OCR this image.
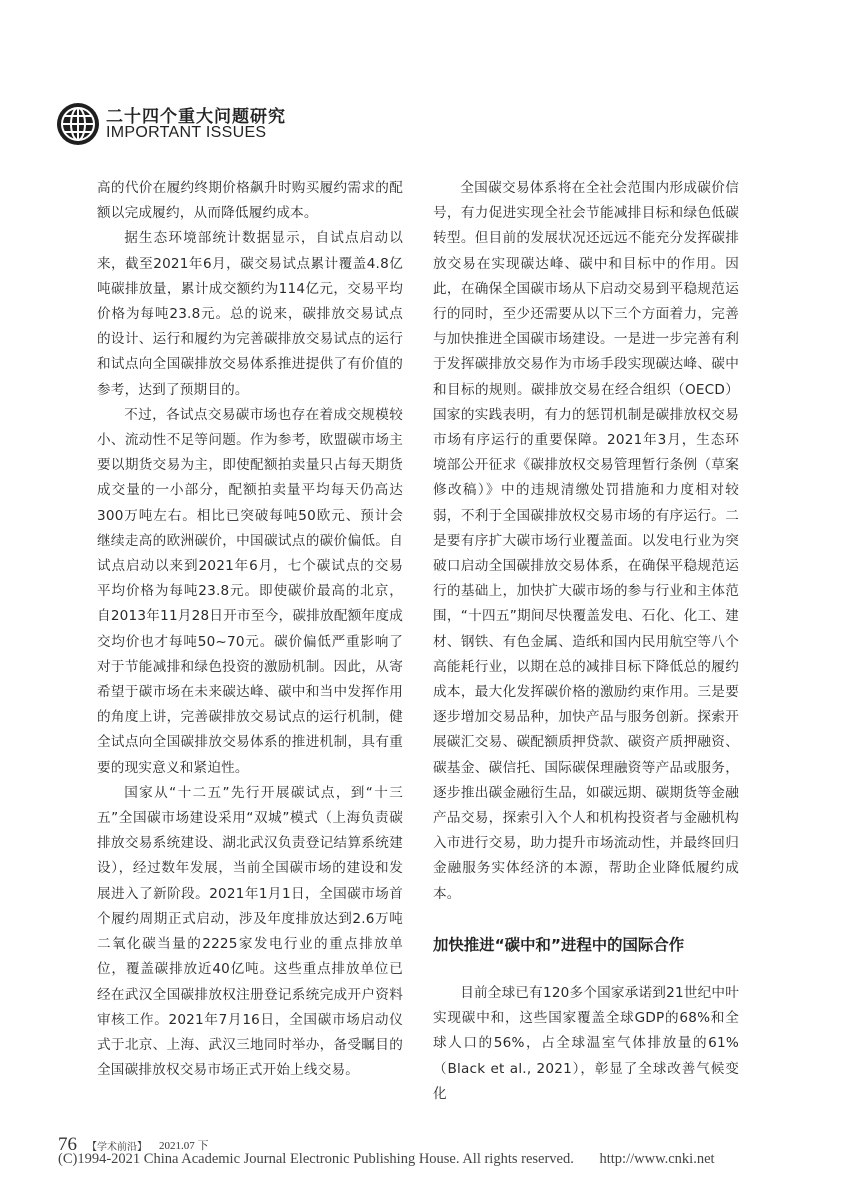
二十四个重大问题研究
IMPORTANT ISSUES

高的代价在履约终期价格飙升时购买履约需求的配额以完成履约，从而降低履约成本。

据生态环境部统计数据显示，自试点启动以来，截至2021年6月，碳交易试点累计覆盖4.8亿吨碳排放量，累计成交额约为114亿元，交易平均价格为每吨23.8元。总的说来，碳排放交易试点的设计、运行和履约为完善碳排放交易试点的运行和试点向全国碳排放交易体系推进提供了有价值的参考，达到了预期目的。

不过，各试点交易碳市场也存在着成交规模较小、流动性不足等问题。作为参考，欧盟碳市场主要以期货交易为主，即使配额拍卖量只占每天期货成交量的一小部分，配额拍卖量平均每天仍高达300万吨左右。相比已突破每吨50欧元、预计会继续走高的欧洲碳价，中国碳试点的碳价偏低。自试点启动以来到2021年6月，七个碳试点的交易平均价格为每吨23.8元。即使碳价最高的北京，自2013年11月28日开市至今，碳排放配额年度成交均价也才每吨50~70元。碳价偏低严重影响了对于节能减排和绿色投资的激励机制。因此，从寄希望于碳市场在未来碳达峰、碳中和当中发挥作用的角度上讲，完善碳排放交易试点的运行机制，健全试点向全国碳排放交易体系的推进机制，具有重要的现实意义和紧迫性。

国家从“十二五”先行开展碳试点，到“十三五”全国碳市场建设采用“双城”模式（上海负责碳排放交易系统建设、湖北武汉负责登记结算系统建设），经过数年发展，当前全国碳市场的建设和发展进入了新阶段。2021年1月1日，全国碳市场首个履约周期正式启动，涉及年度排放达到2.6万吨二氧化碳当量的2225家发电行业的重点排放单位，覆盖碳排放近40亿吨。这些重点排放单位已经在武汉全国碳排放权注册登记系统完成开户资料审核工作。2021年7月16日，全国碳市场启动仪式于北京、上海、武汉三地同时举办，备受瞩目的全国碳排放权交易市场正式开始上线交易。

全国碳交易体系将在全社会范围内形成碳价信号，有力促进实现全社会节能减排目标和绿色低碳转型。但目前的发展状况还远远不能充分发挥碳排放交易在实现碳达峰、碳中和目标中的作用。因此，在确保全国碳市场从下启动交易到平稳规范运行的同时，至少还需要从以下三个方面着力，完善与加快推进全国碳市场建设。一是进一步完善有利于发挥碳排放交易作为市场手段实现碳达峰、碳中和目标的规则。碳排放交易在经合组织（OECD）国家的实践表明，有力的惩罚机制是碳排放权交易市场有序运行的重要保障。2021年3月，生态环境部公开征求《碳排放权交易管理暂行条例（草案修改稿）》中的违规清缴处罚措施和力度相对较弱，不利于全国碳排放权交易市场的有序运行。二是要有序扩大碳市场行业覆盖面。以发电行业为突破口启动全国碳排放交易体系，在确保平稳规范运行的基础上，加快扩大碳市场的参与行业和主体范围，“十四五”期间尽快覆盖发电、石化、化工、建材、钢铁、有色金属、造纸和国内民用航空等八个高能耗行业，以期在总的减排目标下降低总的履约成本，最大化发挥碳价格的激励约束作用。三是要逐步增加交易品种，加快产品与服务创新。探索开展碳汇交易、碳配额质押贷款、碳资产质押融资、碳基金、碳信托、国际碳保理融资等产品或服务，逐步推出碳金融衍生品，如碳远期、碳期货等金融产品交易，探索引入个人和机构投资者与金融机构入市进行交易，助力提升市场流动性，并最终回归金融服务实体经济的本源，帮助企业降低履约成本。

加快推进“碳中和”进程中的国际合作

目前全球已有120多个国家承诺到21世纪中叶实现碳中和，这些国家覆盖全球GDP的68%和全球人口的56%，占全球温室气体排放量的61%（Black et al., 2021），彰显了全球改善气候变化

76 【学术前沿】 2021.07 下
(C)1994-2021 China Academic Journal Electronic Publishing House. All rights reserved. http://www.cnki.net
